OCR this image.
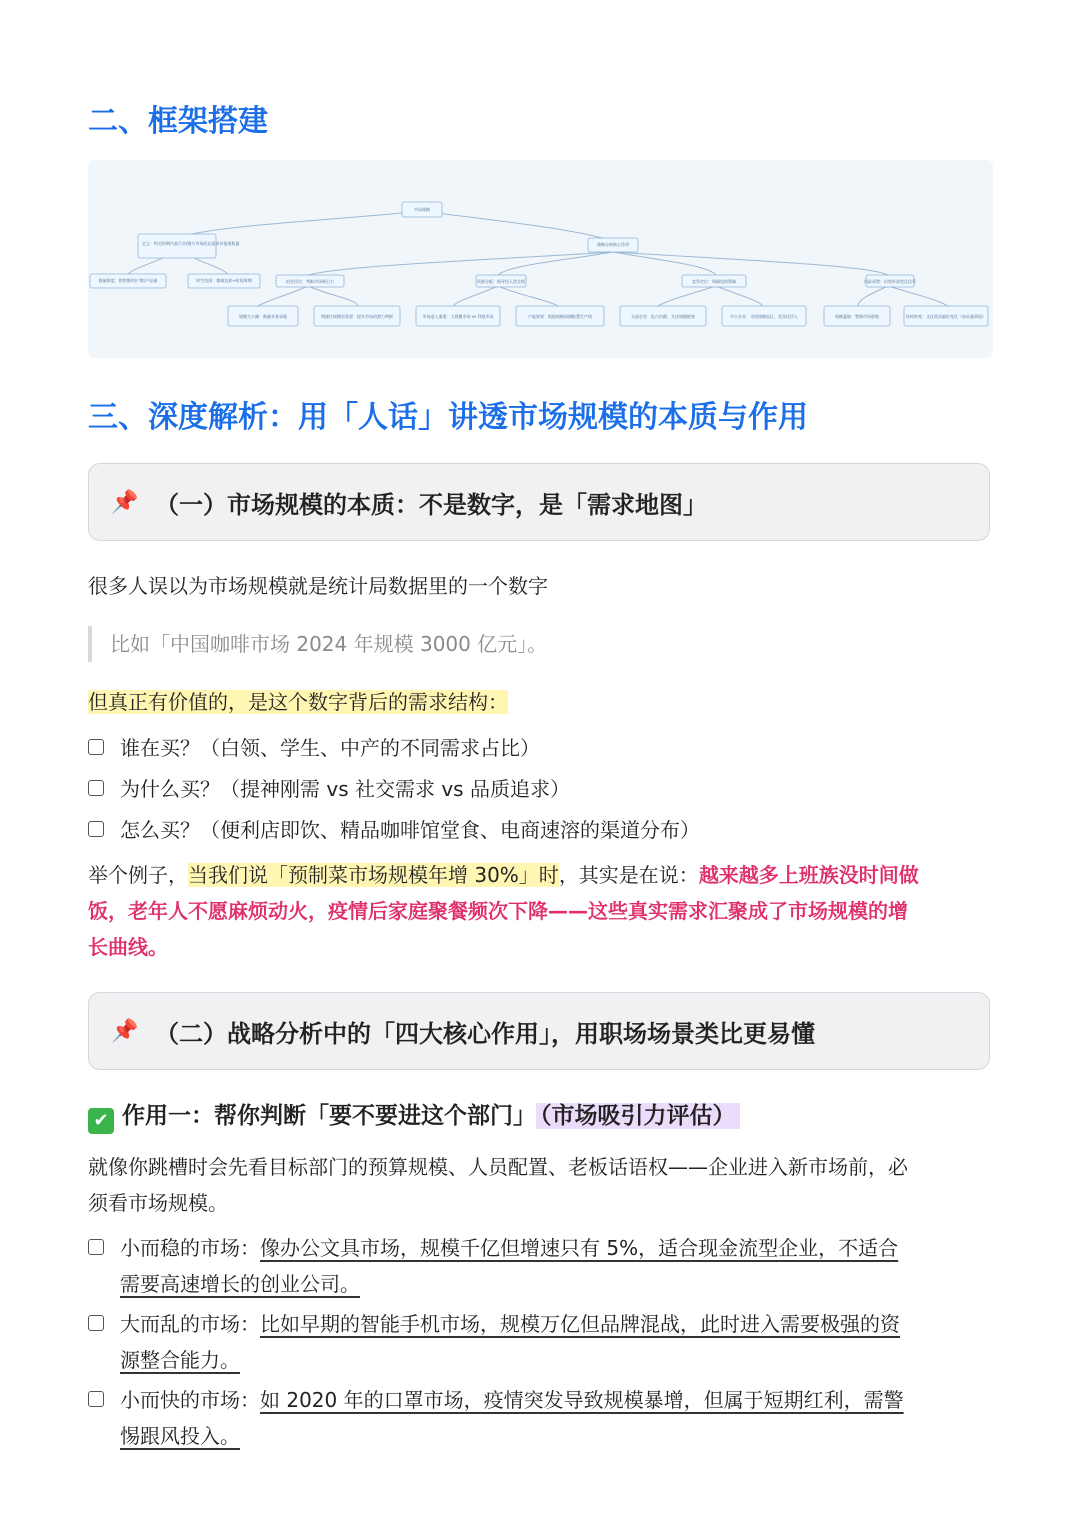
二、框架搭建
市场规模
定义：特定时期内某行业/细分市场的总需求价值或数量	战略分析核心作用
数量维度：销售额/用户数/产品量	时空范围：地域边界+时间周期	机会评估：判断市场吸引力	资源分配：指导投入优先级	竞争定位：明确攻防策略	风险预警：识别外部变化信号
规模大小阈：衡量业务承载	增速比规模更重要：提升市场的潜力判断	市场进入渠道：大规模市场 vs 利基市场	产能规划：根据规模预测配置生产线	头部企业：抢占份额，关注规模壁垒	中小企业：寻找规模盲区，差异化切入	规模萎缩：警惕市场收缩	结构转变：文化需求偏好变化（如从量到质）
三、深度解析：用「人话」讲透市场规模的本质与作用
📌 （一）市场规模的本质：不是数字，是「需求地图」

很多人误以为市场规模就是统计局数据里的一个数字

比如「中国咖啡市场 2024 年规模 3000 亿元」。

但真正有价值的，是这个数字背后的需求结构：

谁在买？（白领、学生、中产的不同需求占比）
为什么买？（提神刚需 vs 社交需求 vs 品质追求）
怎么买？（便利店即饮、精品咖啡馆堂食、电商速溶的渠道分布）

举个例子，当我们说「预制菜市场规模年增 30%」时，其实是在说：越来越多上班族没时间做

饭，老年人不愿麻烦动火，疫情后家庭聚餐频次下降——这些真实需求汇聚成了市场规模的增

长曲线。

📌 （二）战略分析中的「四大核心作用」，用职场场景类比更易懂
✔ 作用一：帮你判断「要不要进这个部门」 （市场吸引力评估）

就像你跳槽时会先看目标部门的预算规模、人员配置、老板话语权——企业进入新市场前，必

须看市场规模。

小而稳的市场：像办公文具市场，规模千亿但增速只有 5%，适合现金流型企业，不适合
需要高速增长的创业公司。
大而乱的市场：比如早期的智能手机市场，规模万亿但品牌混战，此时进入需要极强的资
源整合能力。
小而快的市场：如 2020 年的口罩市场，疫情突发导致规模暴增，但属于短期红利，需警
惕跟风投入。
